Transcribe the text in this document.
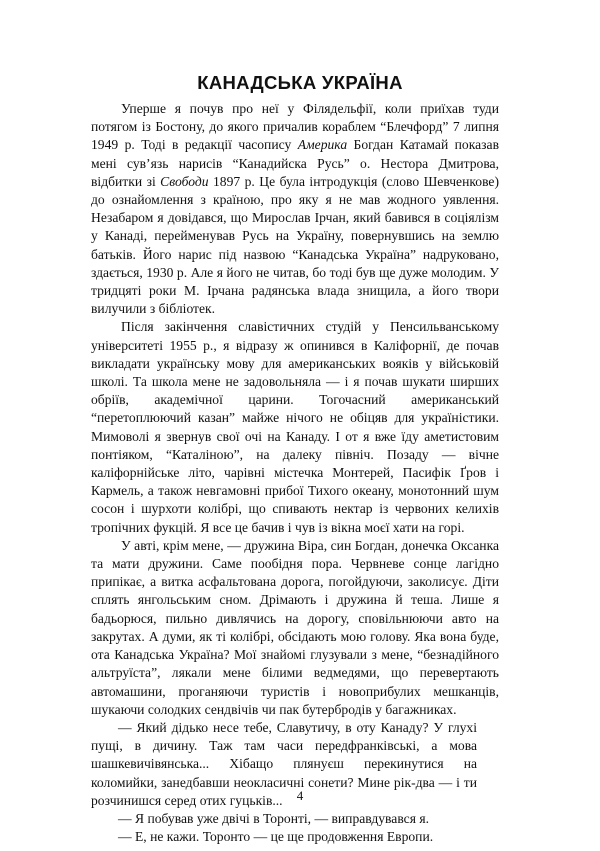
КАНАДСЬКА УКРАЇНА

Уперше я почув про неї у Філядельфії, коли приїхав туди потягом із Бостону, до якого причалив кораблем “Блечфорд” 7 липня 1949 р. Тоді в редакції часопису Америка Богдан Катамай показав мені сув’язь нарисів “Канадийска Русь” о. Нестора Дмитрова, відбитки зі Свободи 1897 р. Це була інтродукція (слово Шевченкове) до ознайомлення з країною, про яку я не мав жодного уявлення. Незабаром я довідався, що Мирослав Ірчан, який бавився в соціялізм у Канаді, перейменував Русь на Україну, повернувшись на землю батьків. Його нарис під назвою “Канадська Україна” надруковано, здається, 1930 р. Але я його не читав, бо тоді був ще дуже молодим. У тридцяті роки М. Ірчана радянська влада знищила, а його твори вилучили з бібліотек.

Після закінчення славістичних студій у Пенсильванському університеті 1955 р., я відразу ж опинився в Каліфорнії, де почав викладати українську мову для американських вояків у військовій школі. Та школа мене не задовольняла — і я почав шукати ширших обріїв, академічної царини. Тогочасний американський “перетоплюючий казан” майже нічого не обіцяв для україністики. Мимоволі я звернув свої очі на Канаду. І от я вже їду аметистовим понтіяком, “Каталіною”, на далеку північ. Позаду — вічне каліфорнійське літо, чарівні містечка Монтерей, Пасифік Ґров і Кармель, а також невгамовні прибої Тихого океану, монотонний шум сосон і шурхоти колібрі, що спивають нектар із червоних келихів тропічних фукцій. Я все це бачив і чув із вікна моєї хати на горі.

У авті, крім мене, — дружина Віра, син Богдан, донечка Оксанка та мати дружини. Саме пообідня пора. Червневе сонце лагідно припікає, а витка асфальтована дорога, погойдуючи, заколисує. Діти сплять янгольським сном. Дрімають і дружина й теша. Лише я бадьорюся, пильно дивлячись на дорогу, сповільнюючи авто на закрутах. А думи, як ті колібрі, обсідають мою голову. Яка вона буде, ота Канадська Україна? Мої знайомі глузували з мене, “безнадійного альтруїста”, лякали мене білими ведмедями, що перевертають автомашини, проганяючи туристів і новоприбулих мешканців, шукаючи солодких сендвічів чи пак бутербродів у багажниках.

— Який дідько несе тебе, Славутичу, в оту Канаду? У глухі пущі, в дичину. Таж там часи передфранківські, а мова шашкевичівянська... Хібащо плянуєш перекинутися на коломийки, занедбавши неокласичні сонети? Мине рік-два — і ти розчинишся серед отих гуцьків...

— Я побував уже двічі в Торонті, — виправдувався я.

— Е, не кажи. Торонто — це ще продовження Европи.

4
